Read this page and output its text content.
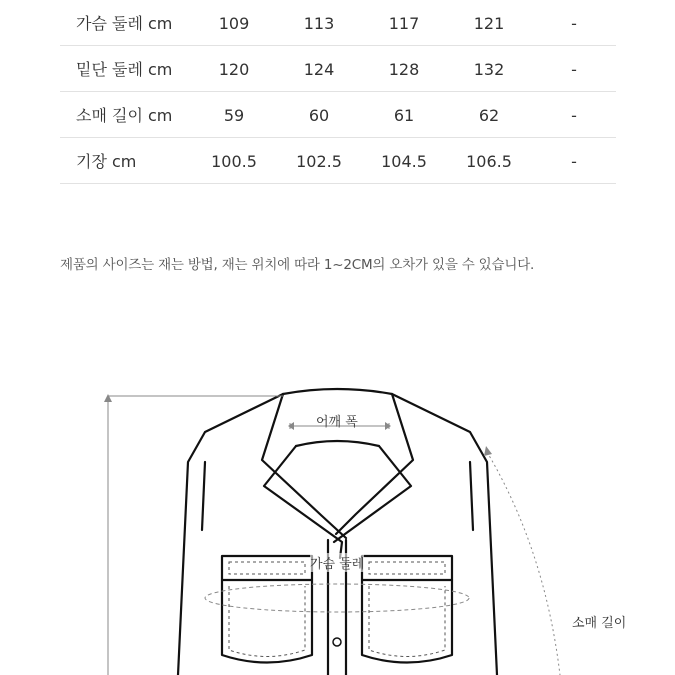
가슴 둘레 cm	109	113	117	121	-
밑단 둘레 cm	120	124	128	132	-
소매 길이 cm	59	60	61	62	-
기장 cm	100.5	102.5	104.5	106.5	-
제품의 사이즈는 재는 방법, 재는 위치에 따라 1~2CM의 오차가 있을 수 있습니다.
어깨 폭
가슴 둘레
소매 길이
